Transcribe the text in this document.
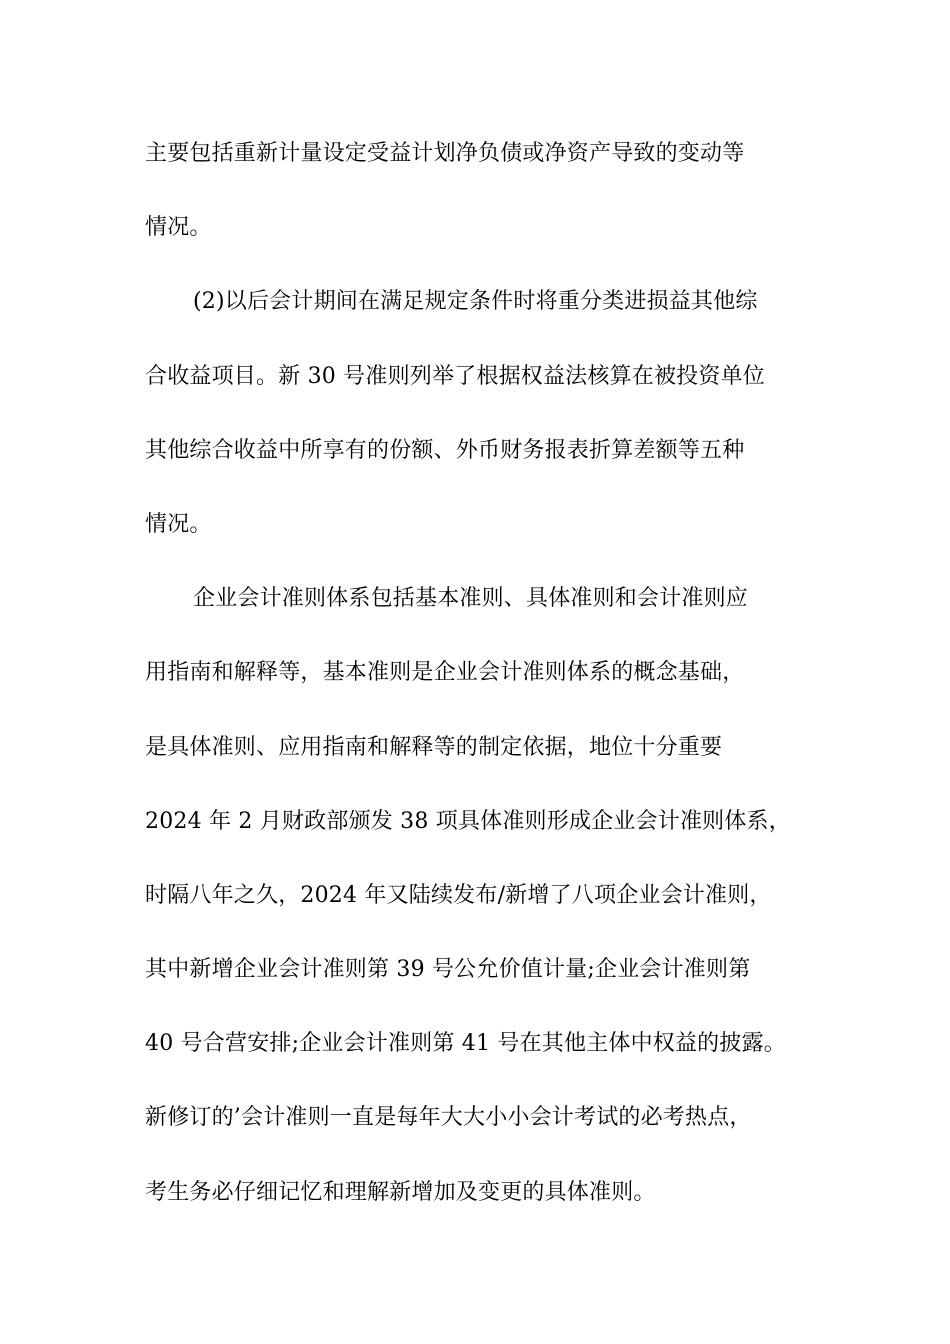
主要包括重新计量设定受益计划净负债或净资产导致的变动等
情况。
(2)以后会计期间在满足规定条件时将重分类进损益其他综
合收益项目。新 30 号准则列举了根据权益法核算在被投资单位
其他综合收益中所享有的份额、外币财务报表折算差额等五种
情况。
企业会计准则体系包括基本准则、具体准则和会计准则应
用指南和解释等，基本准则是企业会计准则体系的概念基础，
是具体准则、应用指南和解释等的制定依据，地位十分重要
2024 年 2 月财政部颁发 38 项具体准则形成企业会计准则体系，
时隔八年之久，2024 年又陆续发布/新增了八项企业会计准则，
其中新增企业会计准则第 39 号公允价值计量;企业会计准则第
40 号合营安排;企业会计准则第 41 号在其他主体中权益的披露。
新修订的’会计准则一直是每年大大小小会计考试的必考热点，
考生务必仔细记忆和理解新增加及变更的具体准则。
